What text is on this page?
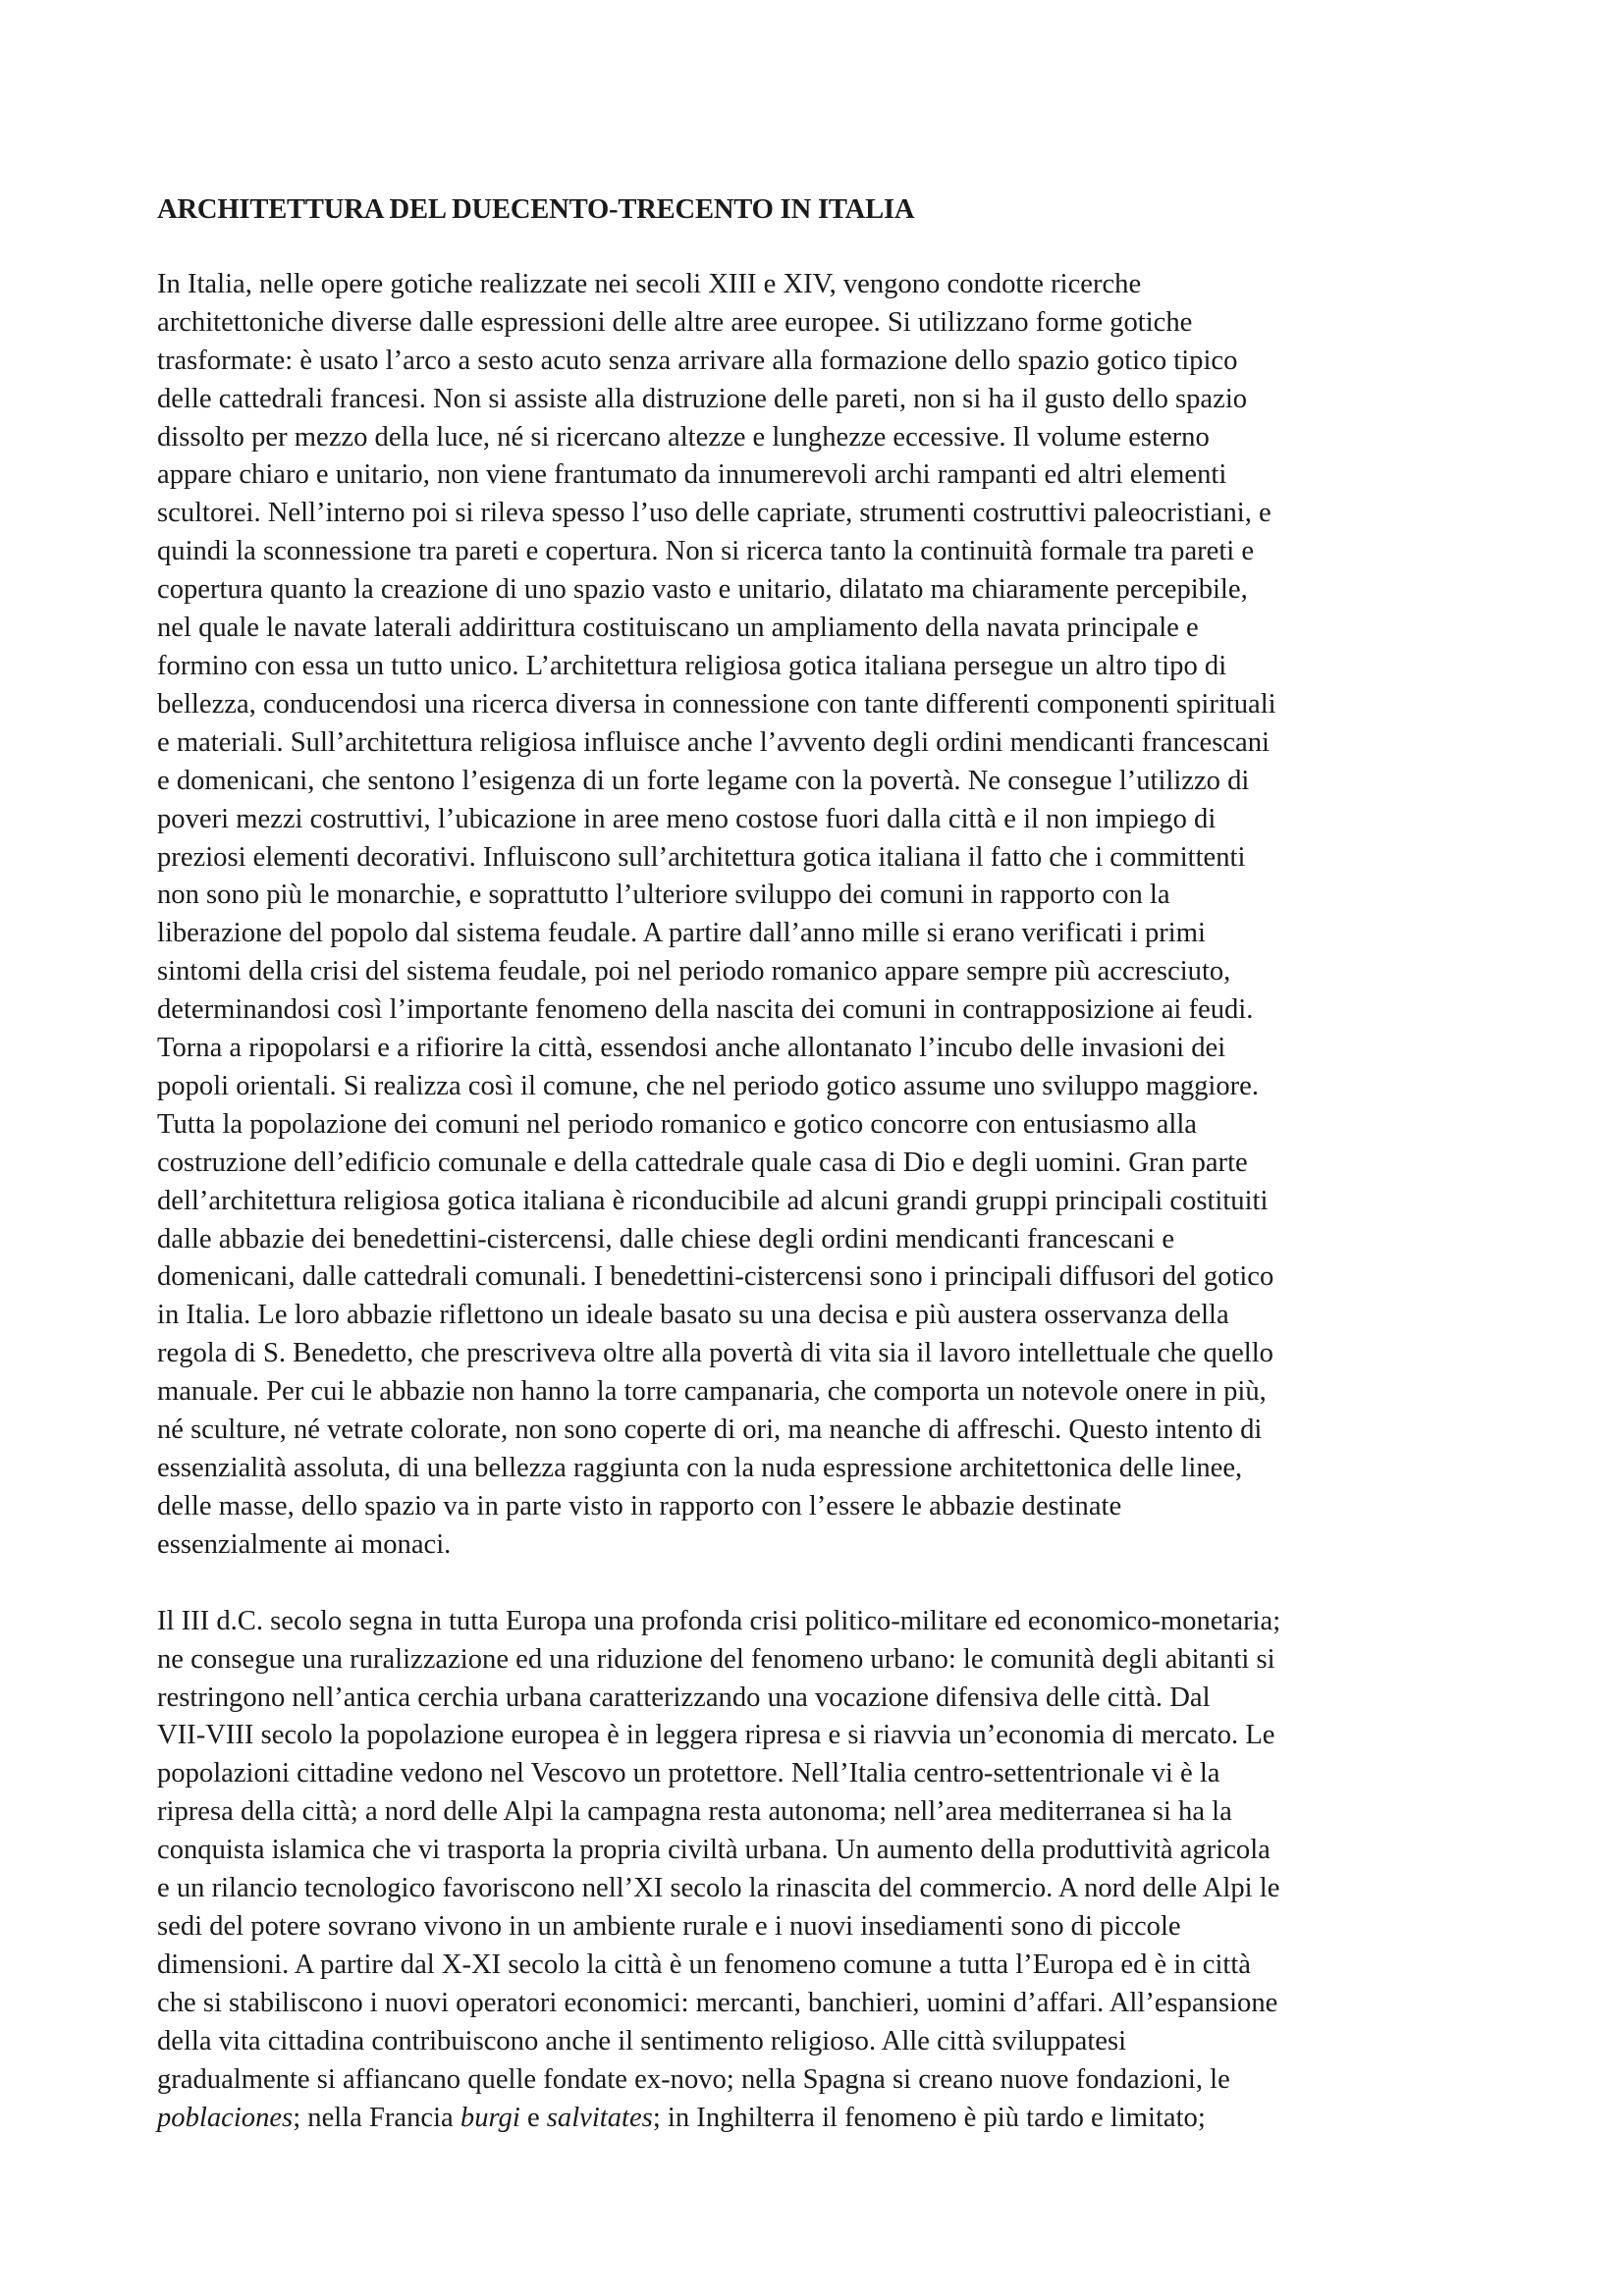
ARCHITETTURA DEL DUECENTO-TRECENTO IN ITALIA

In Italia, nelle opere gotiche realizzate nei secoli XIII e XIV, vengono condotte ricerche
architettoniche diverse dalle espressioni delle altre aree europee. Si utilizzano forme gotiche
trasformate: è usato l’arco a sesto acuto senza arrivare alla formazione dello spazio gotico tipico
delle cattedrali francesi. Non si assiste alla distruzione delle pareti, non si ha il gusto dello spazio
dissolto per mezzo della luce, né si ricercano altezze e lunghezze eccessive. Il volume esterno
appare chiaro e unitario, non viene frantumato da innumerevoli archi rampanti ed altri elementi
scultorei. Nell’interno poi si rileva spesso l’uso delle capriate, strumenti costruttivi paleocristiani, e
quindi la sconnessione tra pareti e copertura. Non si ricerca tanto la continuità formale tra pareti e
copertura quanto la creazione di uno spazio vasto e unitario, dilatato ma chiaramente percepibile,
nel quale le navate laterali addirittura costituiscano un ampliamento della navata principale e
formino con essa un tutto unico. L’architettura religiosa gotica italiana persegue un altro tipo di
bellezza, conducendosi una ricerca diversa in connessione con tante differenti componenti spirituali
e materiali. Sull’architettura religiosa influisce anche l’avvento degli ordini mendicanti francescani
e domenicani, che sentono l’esigenza di un forte legame con la povertà. Ne consegue l’utilizzo di
poveri mezzi costruttivi, l’ubicazione in aree meno costose fuori dalla città e il non impiego di
preziosi elementi decorativi. Influiscono sull’architettura gotica italiana il fatto che i committenti
non sono più le monarchie, e soprattutto l’ulteriore sviluppo dei comuni in rapporto con la
liberazione del popolo dal sistema feudale. A partire dall’anno mille si erano verificati i primi
sintomi della crisi del sistema feudale, poi nel periodo romanico appare sempre più accresciuto,
determinandosi così l’importante fenomeno della nascita dei comuni in contrapposizione ai feudi.
Torna a ripopolarsi e a rifiorire la città, essendosi anche allontanato l’incubo delle invasioni dei
popoli orientali. Si realizza così il comune, che nel periodo gotico assume uno sviluppo maggiore.
Tutta la popolazione dei comuni nel periodo romanico e gotico concorre con entusiasmo alla
costruzione dell’edificio comunale e della cattedrale quale casa di Dio e degli uomini. Gran parte
dell’architettura religiosa gotica italiana è riconducibile ad alcuni grandi gruppi principali costituiti
dalle abbazie dei benedettini-cistercensi, dalle chiese degli ordini mendicanti francescani e
domenicani, dalle cattedrali comunali. I benedettini-cistercensi sono i principali diffusori del gotico
in Italia. Le loro abbazie riflettono un ideale basato su una decisa e più austera osservanza della
regola di S. Benedetto, che prescriveva oltre alla povertà di vita sia il lavoro intellettuale che quello
manuale. Per cui le abbazie non hanno la torre campanaria, che comporta un notevole onere in più,
né sculture, né vetrate colorate, non sono coperte di ori, ma neanche di affreschi. Questo intento di
essenzialità assoluta, di una bellezza raggiunta con la nuda espressione architettonica delle linee,
delle masse, dello spazio va in parte visto in rapporto con l’essere le abbazie destinate
essenzialmente ai monaci.

Il III d.C. secolo segna in tutta Europa una profonda crisi politico-militare ed economico-monetaria;
ne consegue una ruralizzazione ed una riduzione del fenomeno urbano: le comunità degli abitanti si
restringono nell’antica cerchia urbana caratterizzando una vocazione difensiva delle città. Dal
VII-VIII secolo la popolazione europea è in leggera ripresa e si riavvia un’economia di mercato. Le
popolazioni cittadine vedono nel Vescovo un protettore. Nell’Italia centro-settentrionale vi è la
ripresa della città; a nord delle Alpi la campagna resta autonoma; nell’area mediterranea si ha la
conquista islamica che vi trasporta la propria civiltà urbana. Un aumento della produttività agricola
e un rilancio tecnologico favoriscono nell’XI secolo la rinascita del commercio. A nord delle Alpi le
sedi del potere sovrano vivono in un ambiente rurale e i nuovi insediamenti sono di piccole
dimensioni. A partire dal X-XI secolo la città è un fenomeno comune a tutta l’Europa ed è in città
che si stabiliscono i nuovi operatori economici: mercanti, banchieri, uomini d’affari. All’espansione
della vita cittadina contribuiscono anche il sentimento religioso. Alle città sviluppatesi
gradualmente si affiancano quelle fondate ex-novo; nella Spagna si creano nuove fondazioni, le
poblaciones; nella Francia burgi e salvitates; in Inghilterra il fenomeno è più tardo e limitato;
